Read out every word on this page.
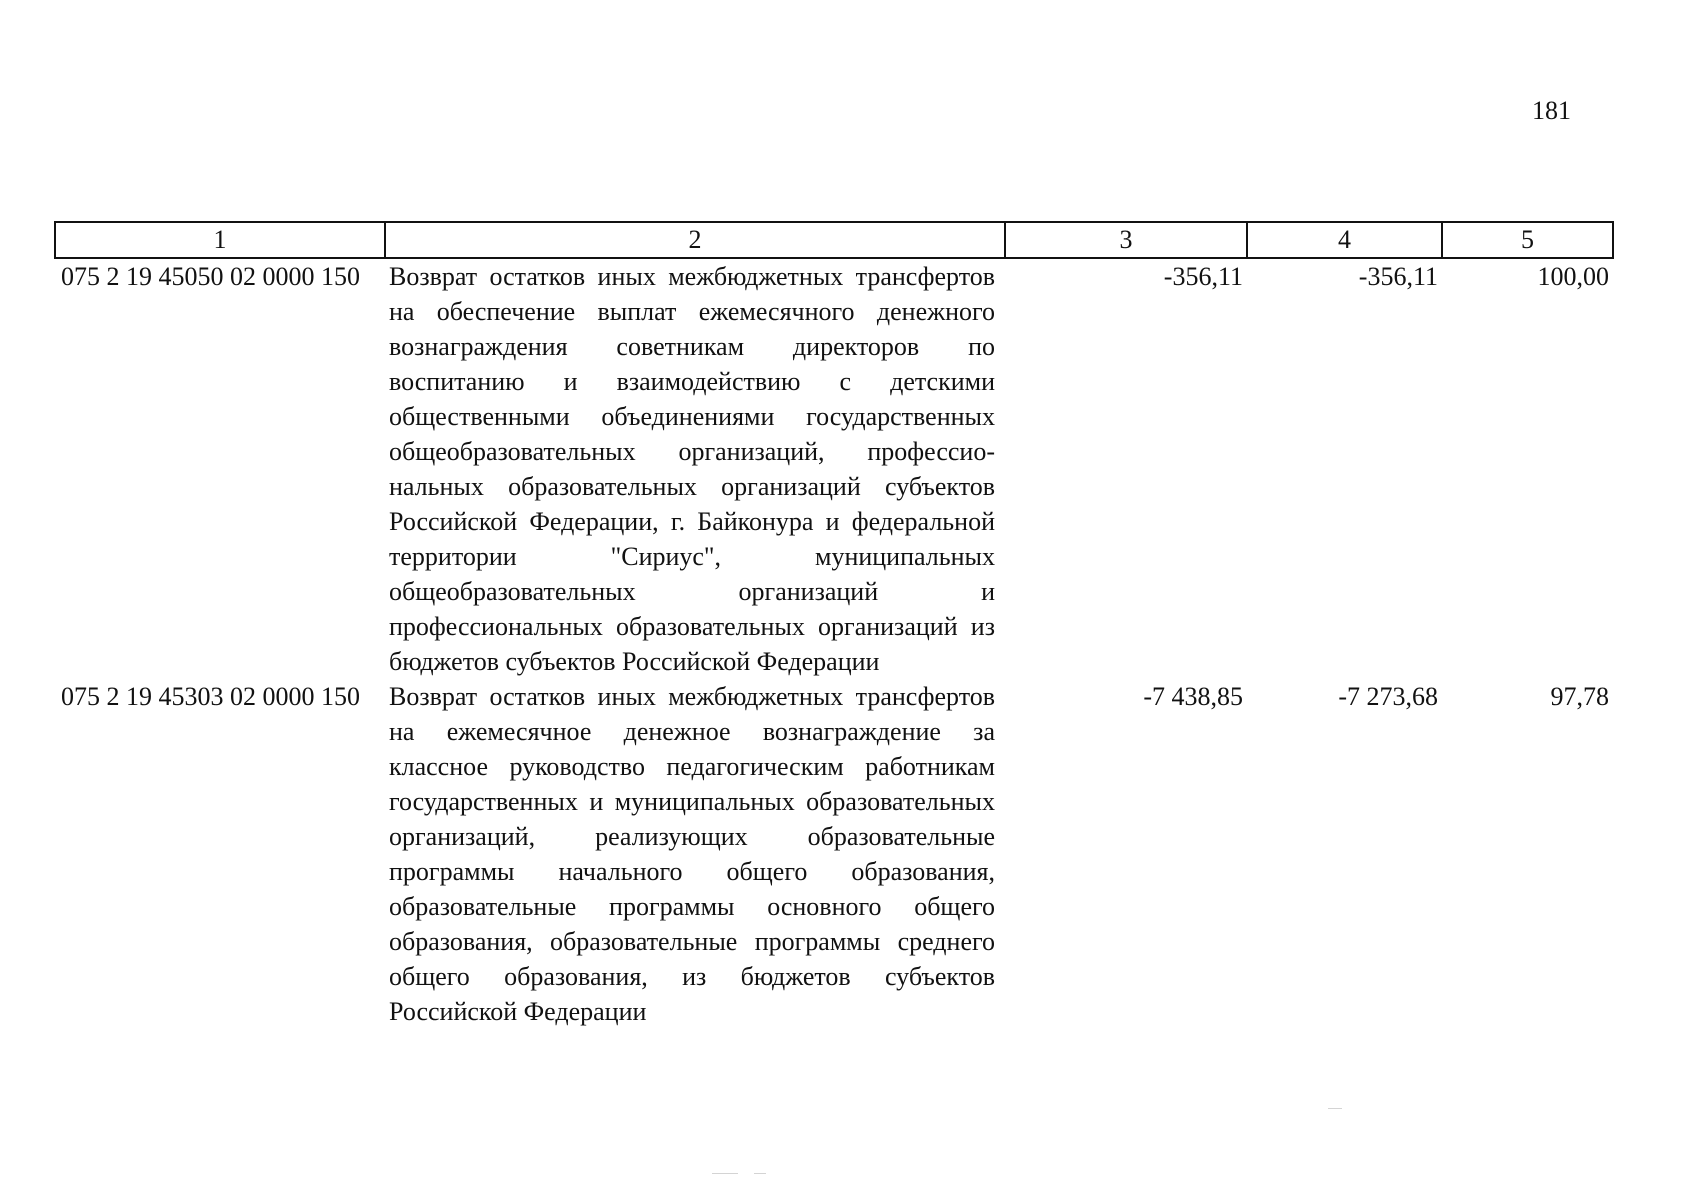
181
1	2	3	4	5
075 2 19 45050 02 0000 150	Возврат остатков иных межбюджетных трансфертов на обеспечение выплат ежемесячного денежного вознаграждения советникам директоров по воспитанию и взаимодействию с детскими общественными объединениями государственных общеобразовательных организаций, профессиональных образовательных организаций субъектов Российской Федерации, г. Байконура и федеральной территории "Сириус", муниципальных общеобразовательных организаций и профессиональных образовательных организаций из бюджетов субъектов Российской Федерации	-356,11	-356,11	100,00
075 2 19 45303 02 0000 150	Возврат остатков иных межбюджетных трансфертов на ежемесячное денежное вознаграждение за классное руководство педагогическим работникам государственных и муниципальных образовательных организаций, реализующих образовательные программы начального общего образования, образовательные программы основного общего образования, образовательные программы среднего общего образования, из бюджетов субъектов Российской Федерации	-7 438,85	-7 273,68	97,78
